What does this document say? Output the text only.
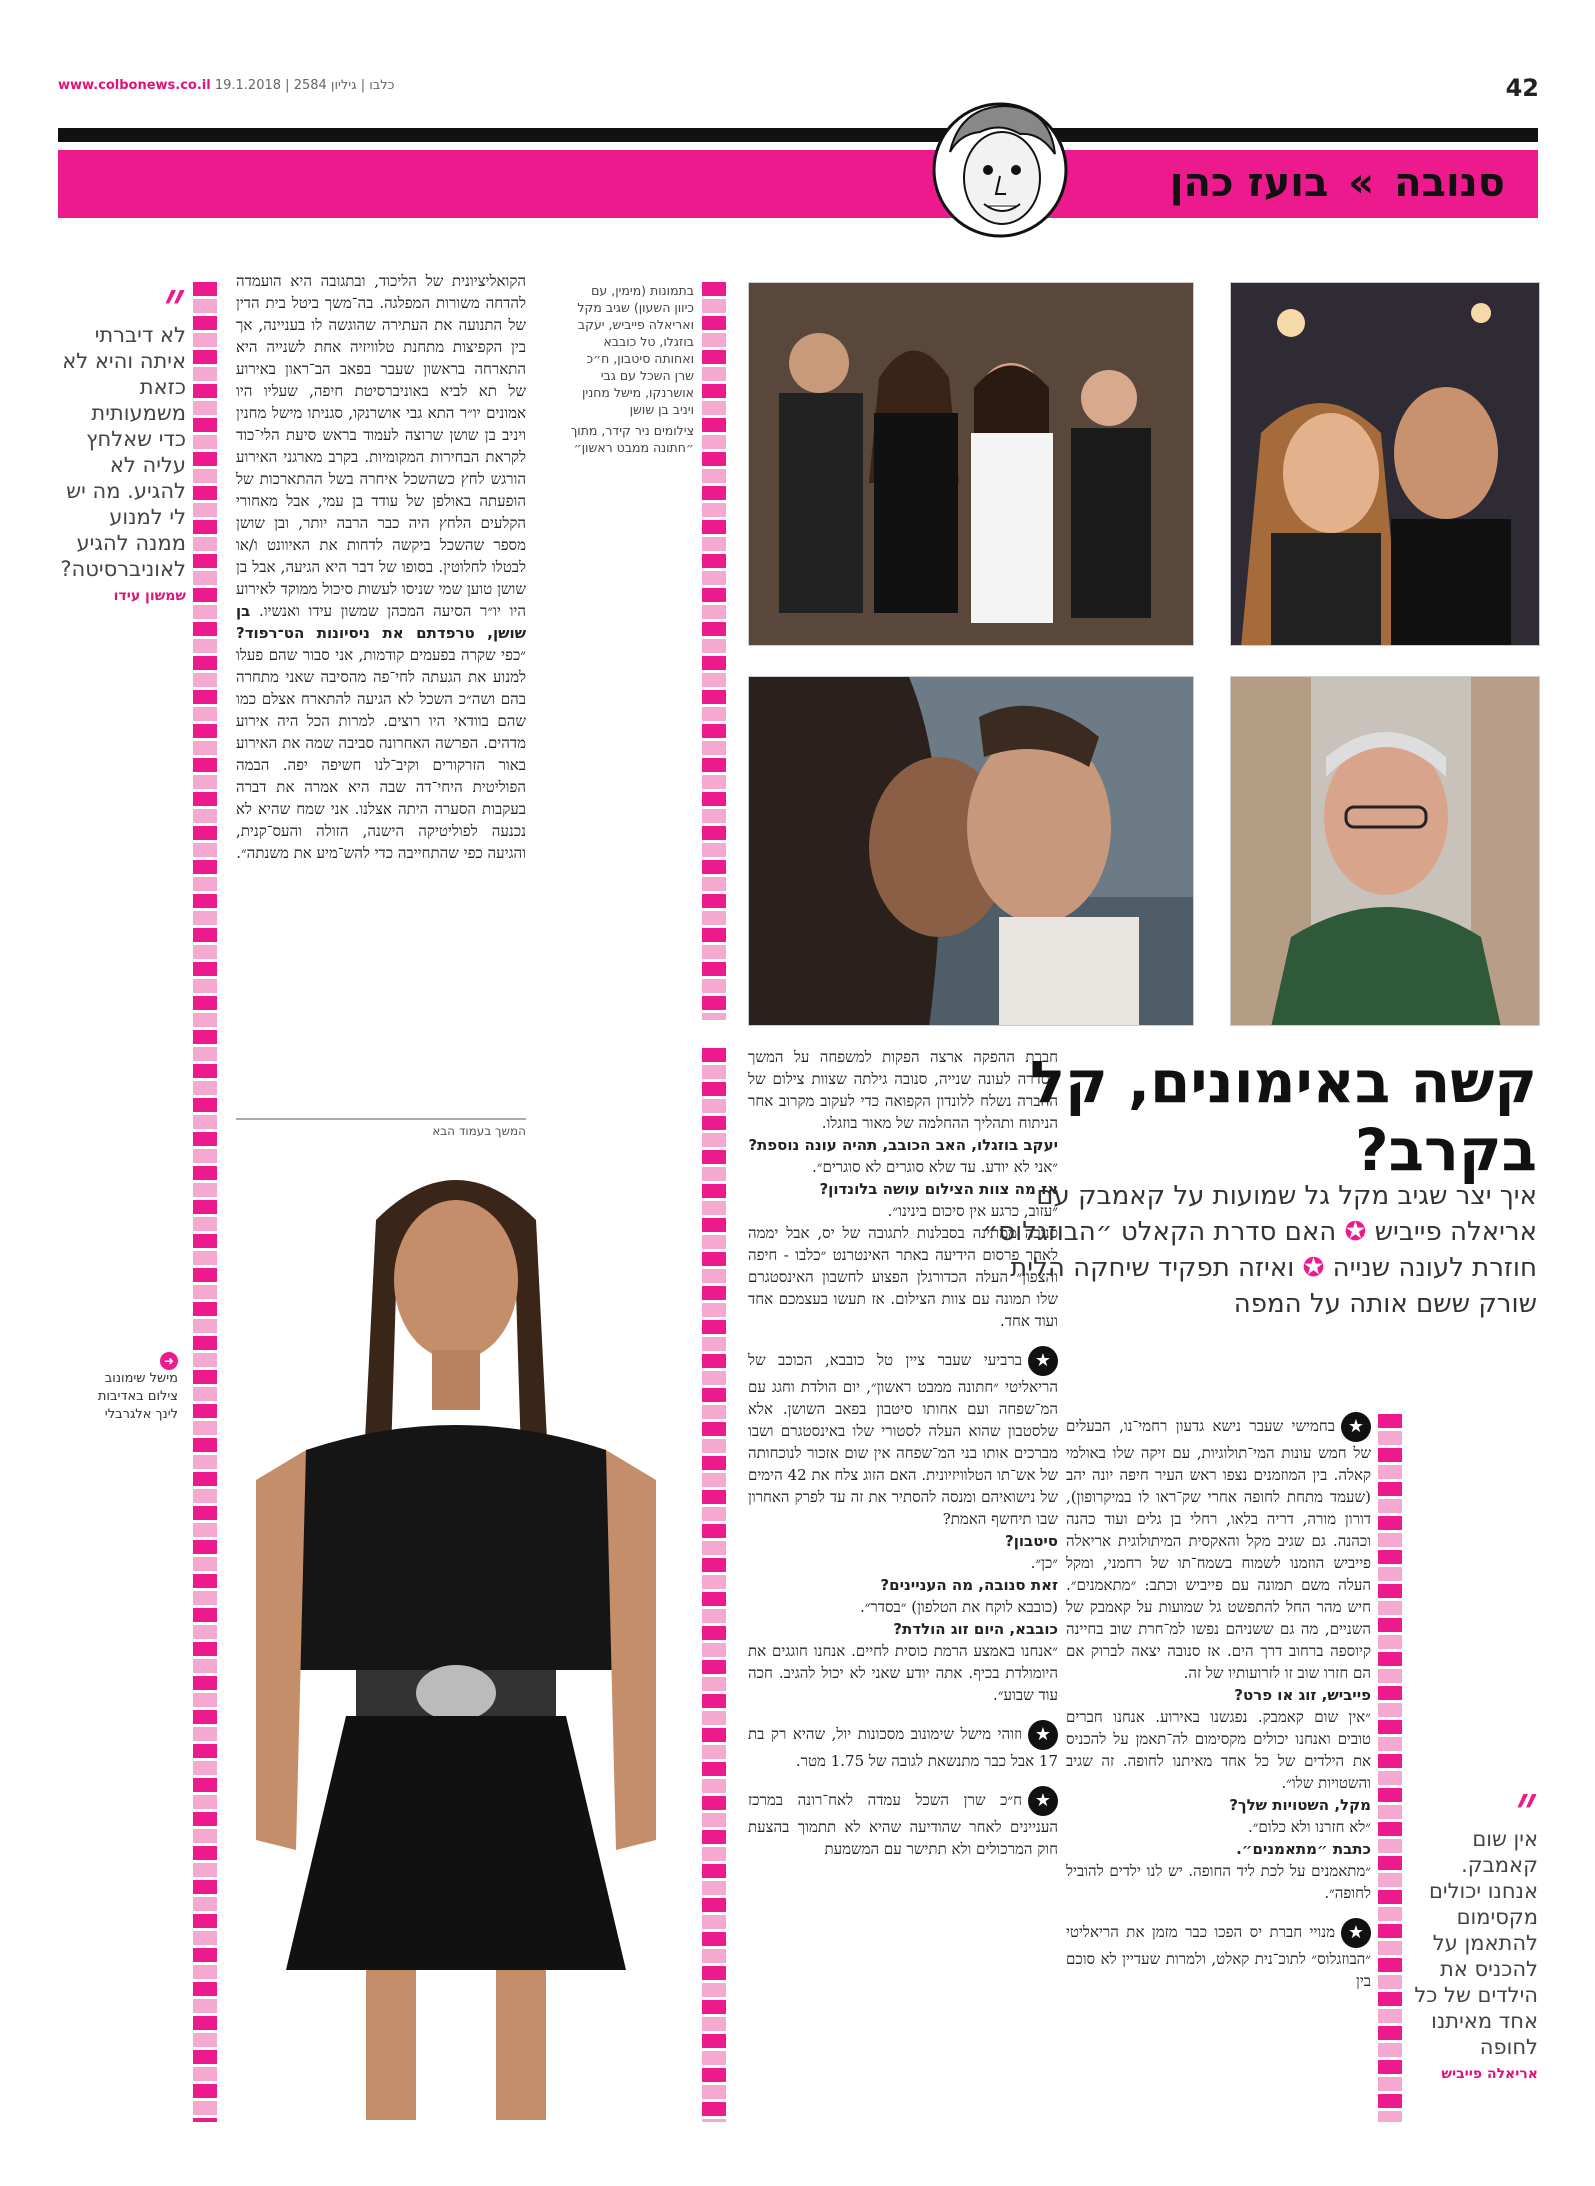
www.colbonews.co.il כלבו | גיליון 2584 | 19.1.2018	42
סנובה » בועז כהן
״
לא דיברתי איתה והיא לא כזאת משמעותית כדי שאלחץ עליה לא להגיע. מה יש לי למנוע ממנה להגיע לאוניברסיטה?
שמשון עידו
הקואליציונית של הליכוד, ובתגובה היא הועמדה להדחה משורות המפלגה. בה־משך ביטל בית הדין של התנועה את העתירה שהוגשה לו בעניינה, אך בין הקפיצות מתחנת טלוויזיה אחת לשנייה היא התארחה בראשון שעבר בפאב הב־ראון באירוע של תא לביא באוניברסיטת חיפה, שעליו היו אמונים יו״ר התא גבי אושרנקו, סגניתו מישל מחנין ויניב בן שושן שרוצה לעמוד בראש סיעת הלי־כוד לקראת הבחירות המקומיות. בקרב מארגני האירוע הורגש לחץ כשהשכל איחרה בשל ההתארכות של הופעתה באולפן של עודד בן עמי, אבל מאחורי הקלעים הלחץ היה כבר הרבה יותר, ובן שושן מספר שהשכל ביקשה לדחות את האיוונט ו/או לבטלו לחלוטין. בסופו של דבר היא הגיעה, אבל בן שושן טוען שמי שניסו לעשות סיכול ממוקד לאירוע היו יו״ר הסיעה המכהן שמשון עידו ואנשיו. בן שושן, טרפדתם את ניסיונות הט־רפוד? ״כפי שקרה בפעמים קודמות, אני סבור שהם פעלו למנוע את הגעתה לחי־פה מהסיבה שאני מתחרה בהם ושה״כ השכל לא הגיעה להתארח אצלם כמו שהם בוודאי היו רוצים. למרות הכל היה אירוע מדהים. הפרשה האחרונה סביבה שמה את האירוע באור הזרקורים וקיב־לנו חשיפה יפה. הבמה הפוליטית היחי־דה שבה היא אמרה את דברה בעקבות הסערה היתה אצלנו. אני שמח שהיא לא נכנעה לפוליטיקה הישנה, הזולה והעס־קנית, והגיעה כפי שהתחייבה כדי להש־מיע את משנתה״.
המשך בעמוד הבא
בתמונות (מימין, עם כיוון השעון) שגיב מקל ואריאלה פייביש, יעקב בוזגלו, טל כובבא ואחותה סיטבון, ח״כ שרן השכל עם גבי אושרנקו, מישל מחנין ויניב בן שושן
צילומים ניר קידר, מתוך ״חתונה ממבט ראשון״
➜
מישל שימונוב
צילום באדיבות
לינך אלגרבלי

חברת ההפקה ארצה הפקות למשפחה על המשך הסדרה לעונה שנייה, סנובה גילתה שצוות צילום של החברה נשלח ללונדון הקפואה כדי לעקוב מקרוב אחר הניתוח ותהליך ההחלמה של מאור בוזגלו.

יעקב בוזגלו, האב הכובב, תהיה עונה נוספת?

״אני לא יודע. עד שלא סוגרים לא סוגרים״.

אז מה צוות הצילום עושה בלונדון?

״עזוב, כרגע אין סיכום בינינו״.

סנובה ממתינה בסבלנות לתגובה של יס, אבל יממה לאחר פרסום הידיעה באתר האינטרנט ״כלבו - חיפה והצפון״ העלה הכדורגלן הפצוע לחשבון האינסטגרם שלו תמונה עם צוות הצילום. אז תעשו בעצמכם אחד ועוד אחד.

★ברביעי שעבר ציין טל כובבא, הכוכב של הריאליטי ״חתונה ממבט ראשון״, יום הולדת וחגג עם המ־שפחה ועם אחותו סיטבון בפאב השושן. אלא שלסטבון שהוא העלה לסטורי שלו באינסטגרם ושבו מברכים אותו בני המ־שפחה אין שום אזכור לנוכחותה של אש־תו הטלוויזיונית. האם הזוג צלח את 42 הימים של נישואיהם ומנסה להסתיר את זה עד לפרק האחרון שבו תיחשף האמת?

סיטבון?

״כן״.

זאת סנובה, מה העניינים?

(כובבא לוקח את הטלפון) ״בסדר״.

כובבא, היום זוג הולדת?

״אנחנו באמצע הרמת כוסית לחיים. אנחנו חוגגים את היומולדת בכיף. אתה יודע שאני לא יכול להגיב. חכה עוד שבוע״.

★וזוהי מישל שימונוב מסכונות יול, שהיא רק בת 17 אבל כבר מתנשאת לגובה של 1.75 מטר.

★ח״כ שרן השכל עמדה לאח־רונה במרכז העניינים לאחר שהודיעה שהיא לא תתמוך בהצעת חוק המרכולים ולא תתישר עם המשמעת

קשה באימונים, קל בקרב?
איך יצר שגיב מקל גל שמועות על קאמבק עם אריאלה פייביש ✪ האם סדרת הקאלט ״הבוזגלוס״ חוזרת לעונה שנייה ✪ ואיזה תפקיד שיחקה הלית שורק ששם אותה על המפה

★בחמישי שעבר נישא גדעון רחמי־נו, הבעלים של חמש עונות המי־תולוגיות, עם זיקה שלו באולמי קאלה. בין המוזמנים נצפו ראש העיר חיפה יונה יהב (שעמד מתחת לחופה אחרי שק־ראו לו במיקרופון), דורון מורה, דריה בלאו, רחלי בן גלים ועוד כהנה וכהנה. גם שגיב מקל והאקסית המיתולוגית אריאלה פייביש הוזמנו לשמוח בשמח־תו של רחמני, ומקל העלה משם תמונה עם פייביש וכתב: ״מתאמנים״. חיש מהר החל להתפשט גל שמועות על קאמבק של השניים, מה גם ששניהם נפשו למ־חרת שוב בחיינה קיוספה ברחוב דרך הים. אז סנובה יצאה לברוק אם הם חזרו שוב זו לזרועותיו של זה.

פייביש, זוג או פרט?

״אין שום קאמבק. נפגשנו באירוע. אנחנו חברים טובים ואנחנו יכולים מקסימום לה־תאמן על להכניס את הילדים של כל אחד מאיתנו לחופה. זה שגיב והשטויות שלו״.

מקל, השטויות שלך?

״לא חזרנו ולא כלום״.

כתבת ״מתאמנים״.

״מתאמנים על לכת ליד החופה. יש לנו ילדים להוביל לחופה״.

★מנויי חברת יס הפכו כבר מזמן את הריאליטי ״הבוזגלוס״ לתוכ־נית קאלט, ולמרות שעדיין לא סוכם בין

״
אין שום קאמבק. אנחנו יכולים מקסימום להתאמן על להכניס את הילדים של כל אחד מאיתנו לחופה
אריאלה פייביש
